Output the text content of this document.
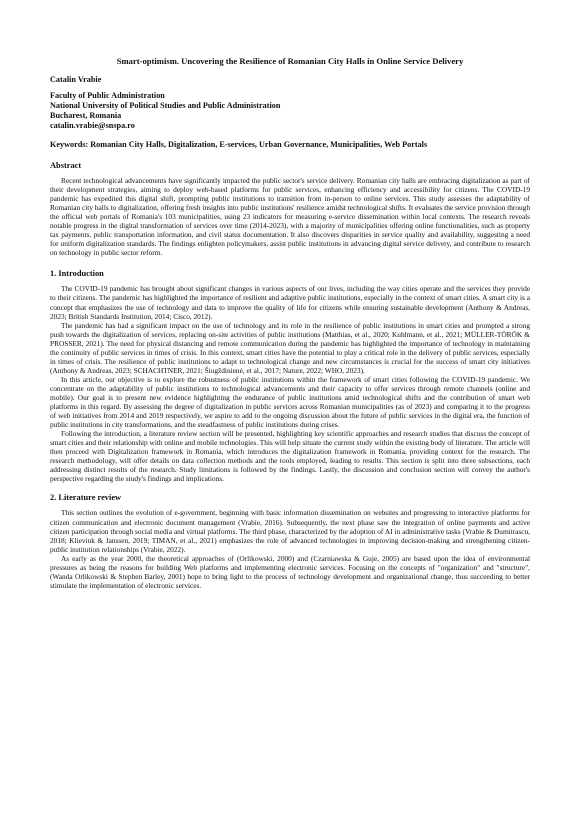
Smart-optimism. Uncovering the Resilience of Romanian City Halls in Online Service Delivery
Catalin Vrabie
Faculty of Public Administration
National University of Political Studies and Public Administration
Bucharest, Romania
catalin.vrabie@snspa.ro
Keywords: Romanian City Halls, Digitalization, E-services, Urban Governance, Municipalities, Web Portals
Abstract

Recent technological advancements have significantly impacted the public sector's service delivery. Romanian city halls are embracing digitalization as part of their development strategies, aiming to deploy web-based platforms for public services, enhancing efficiency and accessibility for citizens. The COVID-19 pandemic has expedited this digital shift, prompting public institutions to transition from in-person to online services. This study assesses the adaptability of Romanian city halls to digitalization, offering fresh insights into public institutions' resilience amidst technological shifts. It evaluates the service provision through the official web portals of Romania's 103 municipalities, using 23 indicators for measuring e-service dissemination within local contexts. The research reveals notable progress in the digital transformation of services over time (2014-2023), with a majority of municipalities offering online functionalities, such as property tax payments, public transportation information, and civil status documentation. It also discovers disparities in service quality and availability, suggesting a need for uniform digitalization standards. The findings enlighten policymakers, assist public institutions in advancing digital service delivery, and contribute to research on technology in public sector reform.

1. Introduction

The COVID-19 pandemic has brought about significant changes in various aspects of our lives, including the way cities operate and the services they provide to their citizens. The pandemic has highlighted the importance of resilient and adaptive public institutions, especially in the context of smart cities. A smart city is a concept that emphasizes the use of technology and data to improve the quality of life for citizens while ensuring sustainable development (Anthony & Andreas, 2023; British Standards Institution, 2014; Cisco, 2012).

The pandemic has had a significant impact on the use of technology and its role in the resilience of public institutions in smart cities and prompted a strong push towards the digitalization of services, replacing on-site activities of public institutions (Matthias, et al., 2020; Kuhlmann, et al., 2021; MÜLLER-TÖRÖK & PROSSER, 2021). The need for physical distancing and remote communication during the pandemic has highlighted the importance of technology in maintaining the continuity of public services in times of crisis. In this context, smart cities have the potential to play a critical role in the delivery of public services, especially in times of crisis. The resilience of public institutions to adapt to technological change and new circumstances is crucial for the success of smart city initiatives (Anthony & Andreas, 2023; SCHACHTNER, 2021; Šiugždinienė, et al., 2017; Nature, 2022; WHO, 2023).

In this article, our objective is to explore the robustness of public institutions within the framework of smart cities following the COVID-19 pandemic. We concentrate on the adaptability of public institutions to technological advancements and their capacity to offer services through remote channels (online and mobile). Our goal is to present new evidence highlighting the endurance of public institutions amid technological shifts and the contribution of smart web platforms in this regard. By assessing the degree of digitalization in public services across Romanian municipalities (as of 2023) and comparing it to the progress of web initiatives from 2014 and 2019 respectively, we aspire to add to the ongoing discussion about the future of public services in the digital era, the function of public institutions in city transformations, and the steadfastness of public institutions during crises.

Following the introduction, a literature review section will be presented, highlighting key scientific approaches and research studies that discuss the concept of smart cities and their relationship with online and mobile technologies. This will help situate the current study within the existing body of literature. The article will then proceed with Digitalization framework in Romania, which introduces the digitalization framework in Romania, providing context for the research. The research methodology, will offer details on data collection methods and the tools employed, leading to results. This section is split into three subsections, each addressing distinct results of the research. Study limitations is followed by the findings. Lastly, the discussion and conclusion section will convey the author's perspective regarding the study's findings and implications.

2. Literature review

This section outlines the evolution of e-government, beginning with basic information dissemination on websites and progressing to interactive platforms for citizen communication and electronic document management (Vrabie, 2016). Subsequently, the next phase saw the integration of online payments and active citizen participation through social media and virtual platforms. The third phase, characterized by the adoption of AI in administrative tasks (Vrabie & Dumitrascu, 2018; Klievink & Janssen, 2019; TIMAN, et al., 2021) emphasizes the role of advanced technologies in improving decision-making and strengthening citizen-public institution relationships (Vrabie, 2022).

As early as the year 2000, the theoretical approaches of (Orlikowski, 2000) and (Czarniawska & Guje, 2005) are based upon the idea of environmental pressures as being the reasons for building Web platforms and implementing electronic services. Focusing on the concepts of "organization" and "structure", (Wanda Orlikowski & Stephen Barley, 2001) hope to bring light to the process of technology development and organizational change, thus succeeding to better stimulate the implementation of electronic services.
